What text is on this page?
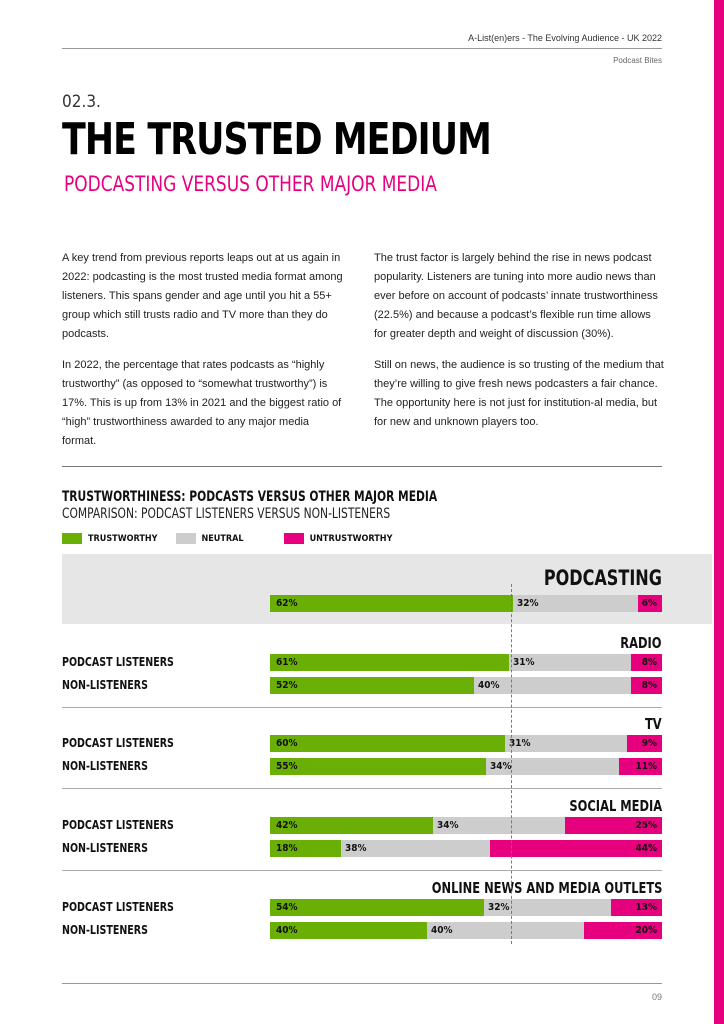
A-List(en)ers - The Evolving Audience - UK 2022
Podcast Bites
02.3.
THE TRUSTED MEDIUM
PODCASTING VERSUS OTHER MAJOR MEDIA

A key trend from previous reports leaps out at us again in 2022: podcasting is the most trusted media format among listeners. This spans gender and age until you hit a 55+ group which still trusts radio and TV more than they do podcasts.

In 2022, the percentage that rates podcasts as “highly trustworthy” (as opposed to “somewhat trustworthy”) is 17%. This is up from 13% in 2021 and the biggest ratio of “high” trustworthiness awarded to any major media format.

The trust factor is largely behind the rise in news podcast popularity. Listeners are tuning into more audio news than ever before on account of podcasts’ innate trustworthiness (22.5%) and because a podcast’s flexible run time allows for greater depth and weight of discussion (30%).

Still on news, the audience is so trusting of the medium that they’re willing to give fresh news podcasters a fair chance. The opportunity here is not just for institution-al media, but for new and unknown players too.

TRUSTWORTHINESS: PODCASTS VERSUS OTHER MAJOR MEDIA
COMPARISON: PODCAST LISTENERS VERSUS NON-LISTENERS
TRUSTWORTHY	NEUTRAL	UNTRUSTWORTHY
PODCASTING
62%	32%	6%
RADIO
PODCAST LISTENERS	61%	31%	8%
NON-LISTENERS	52%	40%	8%
TV
PODCAST LISTENERS	60%	31%	9%
NON-LISTENERS	55%	34%	11%
SOCIAL MEDIA
PODCAST LISTENERS	42%	34%	25%
NON-LISTENERS	18%	38%	44%
ONLINE NEWS AND MEDIA OUTLETS
PODCAST LISTENERS	54%	32%	13%
NON-LISTENERS	40%	40%	20%
09
